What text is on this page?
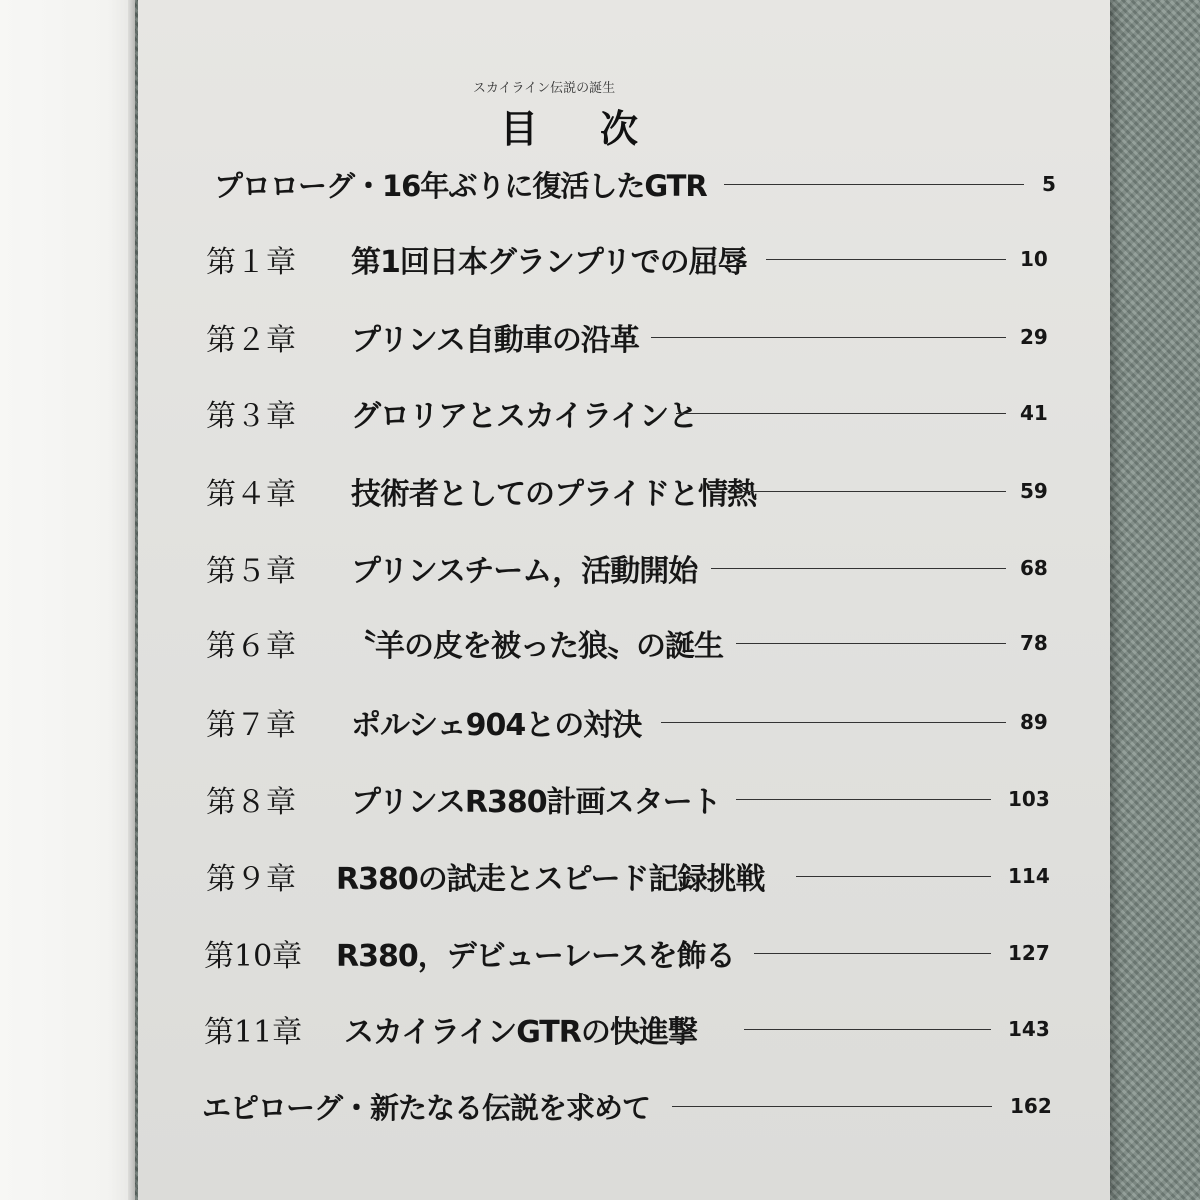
スカイライン伝説の誕生
目次
プロローグ・16年ぶりに復活したGTR	5
第１章 第1回日本グランプリでの屈辱	10
第２章 プリンス自動車の沿革	29
第３章 グロリアとスカイラインと	41
第４章 技術者としてのプライドと情熱	59
第５章 プリンスチーム，活動開始	68
第６章 〝羊の皮を被った狼〟の誕生	78
第７章 ポルシェ904との対決	89
第８章 プリンスR380計画スタート	103
第９章 R380の試走とスピード記録挑戦	114
第10章 R380，デビューレースを飾る	127
第11章 スカイラインGTRの快進撃	143
エピローグ・新たなる伝説を求めて	162
